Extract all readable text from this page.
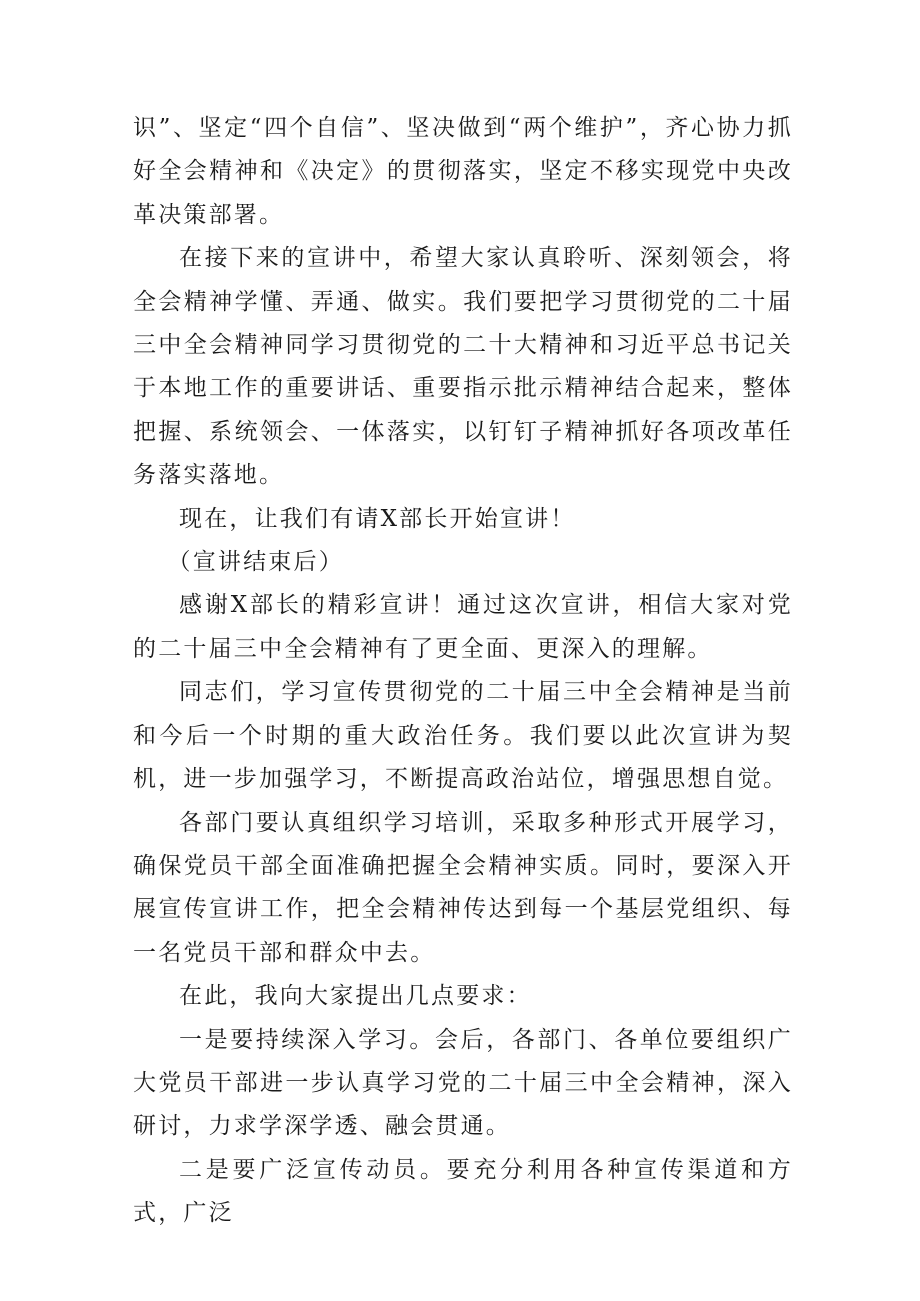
识”、坚定“四个自信”、坚决做到“两个维护”，齐心协力抓好全会精神和《决定》的贯彻落实，坚定不移实现党中央改革决策部署。

在接下来的宣讲中，希望大家认真聆听、深刻领会，将全会精神学懂、弄通、做实。我们要把学习贯彻党的二十届三中全会精神同学习贯彻党的二十大精神和习近平总书记关于本地工作的重要讲话、重要指示批示精神结合起来，整体把握、系统领会、一体落实，以钉钉子精神抓好各项改革任务落实落地。

现在，让我们有请X部长开始宣讲！

（宣讲结束后）

感谢X部长的精彩宣讲！通过这次宣讲，相信大家对党的二十届三中全会精神有了更全面、更深入的理解。

同志们，学习宣传贯彻党的二十届三中全会精神是当前和今后一个时期的重大政治任务。我们要以此次宣讲为契机，进一步加强学习，不断提高政治站位，增强思想自觉。

各部门要认真组织学习培训，采取多种形式开展学习，确保党员干部全面准确把握全会精神实质。同时，要深入开展宣传宣讲工作，把全会精神传达到每一个基层党组织、每一名党员干部和群众中去。

在此，我向大家提出几点要求：

一是要持续深入学习。会后，各部门、各单位要组织广大党员干部进一步认真学习党的二十届三中全会精神，深入研讨，力求学深学透、融会贯通。

二是要广泛宣传动员。要充分利用各种宣传渠道和方式，广泛
